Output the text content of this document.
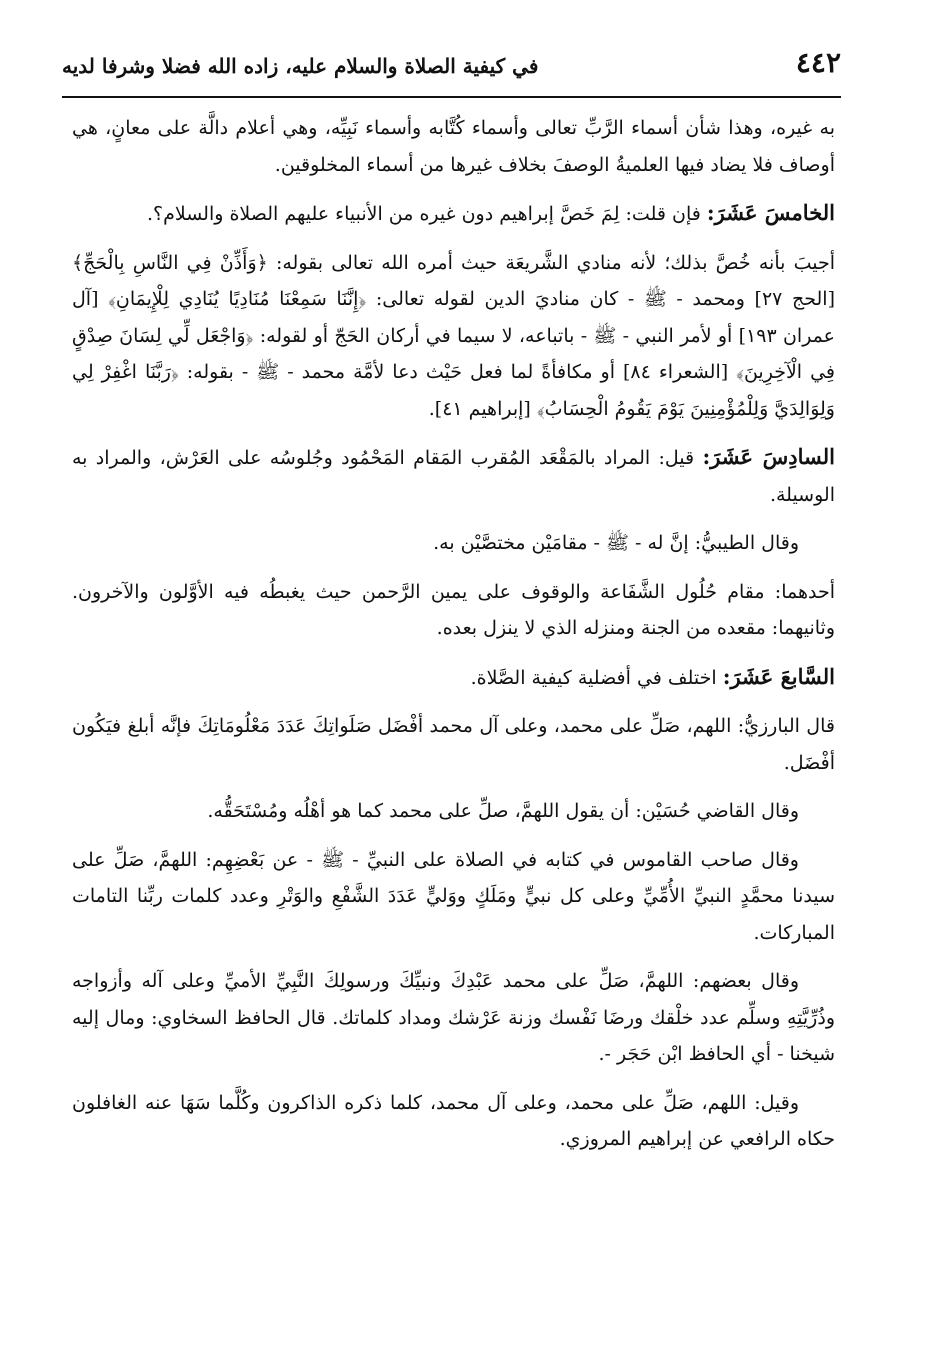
٤٤٢
في كيفية الصلاة والسلام عليه، زاده الله فضلا وشرفا لديه

به غيره، وهذا شأن أسماء الرَّبِّ تعالى وأسماء كُتَّابه وأسماء نَبِيِّه، وهي أعلام دالَّة على معانٍ، هي أوصاف فلا يضاد فيها العلميةُ الوصفَ بخلاف غيرها من أسماء المخلوقين.

الخامسَ عَشَرَ: فإن قلت: لِمَ خَصَّ إبراهيم دون غيره من الأنبياء عليهم الصلاة والسلام؟.

أجيبَ بأنه خُصَّ بذلك؛ لأنه منادي الشَّريعَة حيث أمره الله تعالى بقوله: ﴿وَأَذِّنْ فِي النَّاسِ بِالْحَجِّ﴾ [الحج ٢٧] ومحمد - ﷺ - كان مناديَ الدين لقوله تعالى: ﴿إِنَّنَا سَمِعْنَا مُنَادِيًا يُنَادِي لِلْإِيمَانِ﴾ [آل عمران ١٩٣] أو لأمر النبي - ﷺ - باتباعه، لا سيما في أركان الحَجّ أو لقوله: ﴿وَاجْعَل لِّي لِسَانَ صِدْقٍ فِي الْآخِرِينَ﴾ [الشعراء ٨٤] أو مكافأةً لما فعل حَيْث دعا لأمَّة محمد - ﷺ - بقوله: ﴿رَبَّنَا اغْفِرْ لِي وَلِوَالِدَيَّ وَلِلْمُؤْمِنِينَ يَوْمَ يَقُومُ الْحِسَابُ﴾ [إبراهيم ٤١].

السادِسَ عَشَرَ: قيل: المراد بالمَقْعَد المُقرب المَقام المَحْمُود وجُلوسُه على العَرْش، والمراد به الوسيلة.

وقال الطيبيُّ: إنَّ له - ﷺ - مقامَيْن مختصَّيْن به.

أحدهما: مقام حُلُول الشَّفَاعة والوقوف على يمين الرَّحمن حيث يغبطُه فيه الأوَّلون والآخرون. وثانيهما: مقعده من الجنة ومنزله الذي لا ينزل بعده.

السَّابعَ عَشَرَ: اختلف في أفضلية كيفية الصَّلاة.

قال البارزيُّ: اللهم، صَلِّ على محمد، وعلى آل محمد أفْضَل صَلَواتِكَ عَدَدَ مَعْلُومَاتِكَ فإنَّه أبلغ فيَكُون أفْضَل.

وقال القاضي حُسَيْن: أن يقول اللهمَّ، صلِّ على محمد كما هو أهْلُه ومُسْتَحَقُّه.

وقال صاحب القاموس في كتابه في الصلاة على النبيِّ - ﷺ - عن بَعْضِهِم: اللهمَّ، صَلِّ على سيدنا محمَّدٍ النبيِّ الأُمِّيِّ وعلى كل نبيٍّ ومَلَكٍ ووَليٍّ عَدَدَ الشَّفْعِ والوَتْرِ وعدد كلمات ربِّنا التامات المباركات.

وقال بعضهم: اللهمَّ، صَلِّ على محمد عَبْدِكَ ونبيِّكَ ورسولِكَ النَّبِيِّ الأميِّ وعلى آله وأزواجه وذُرِّيَّتِهِ وسلِّم عدد خلْقك ورضَا نَفْسك وزنة عَرْشك ومداد كلماتك. قال الحافظ السخاوي: ومال إليه شيخنا - أي الحافظ ابْن حَجَر -.

وقيل: اللهم، صَلِّ على محمد، وعلى آل محمد، كلما ذكره الذاكرون وكُلَّما سَهَا عنه الغافلون حكاه الرافعي عن إبراهيم المروزي.
